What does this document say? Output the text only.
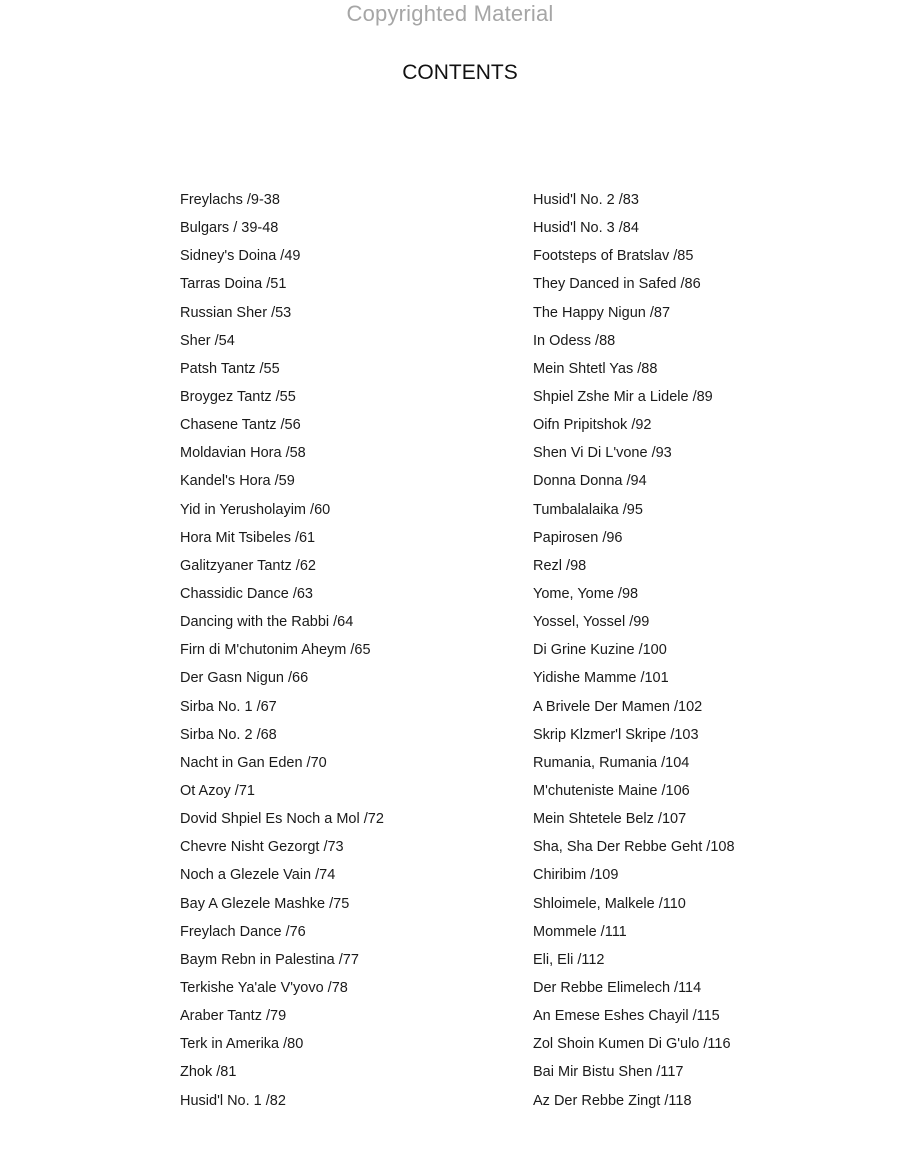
Copyrighted Material
CONTENTS
Freylachs /9-38
Bulgars / 39-48
Sidney's Doina /49
Tarras Doina /51
Russian Sher /53
Sher /54
Patsh Tantz /55
Broygez Tantz /55
Chasene Tantz /56
Moldavian Hora /58
Kandel's Hora /59
Yid in Yerusholayim /60
Hora Mit Tsibeles /61
Galitzyaner Tantz /62
Chassidic Dance /63
Dancing with the Rabbi /64
Firn di M'chutonim Aheym /65
Der Gasn Nigun /66
Sirba No. 1 /67
Sirba No. 2 /68
Nacht in Gan Eden /70
Ot Azoy /71
Dovid Shpiel Es Noch a Mol /72
Chevre Nisht Gezorgt /73
Noch a Glezele Vain /74
Bay A Glezele Mashke /75
Freylach Dance /76
Baym Rebn in Palestina /77
Terkishe Ya'ale V'yovo /78
Araber Tantz /79
Terk in Amerika /80
Zhok /81
Husid'l No. 1 /82
Husid'l No. 2 /83
Husid'l No. 3 /84
Footsteps of Bratslav /85
They Danced in Safed /86
The Happy Nigun /87
In Odess /88
Mein Shtetl Yas /88
Shpiel Zshe Mir a Lidele /89
Oifn Pripitshok /92
Shen Vi Di L'vone /93
Donna Donna /94
Tumbalalaika /95
Papirosen /96
Rezl /98
Yome, Yome /98
Yossel, Yossel /99
Di Grine Kuzine /100
Yidishe Mamme /101
A Brivele Der Mamen /102
Skrip Klzmer'l Skripe /103
Rumania, Rumania /104
M'chuteniste Maine /106
Mein Shtetele Belz /107
Sha, Sha Der Rebbe Geht /108
Chiribim /109
Shloimele, Malkele /110
Mommele /111
Eli, Eli /112
Der Rebbe Elimelech /114
An Emese Eshes Chayil /115
Zol Shoin Kumen Di G'ulo /116
Bai Mir Bistu Shen /117
Az Der Rebbe Zingt /118
